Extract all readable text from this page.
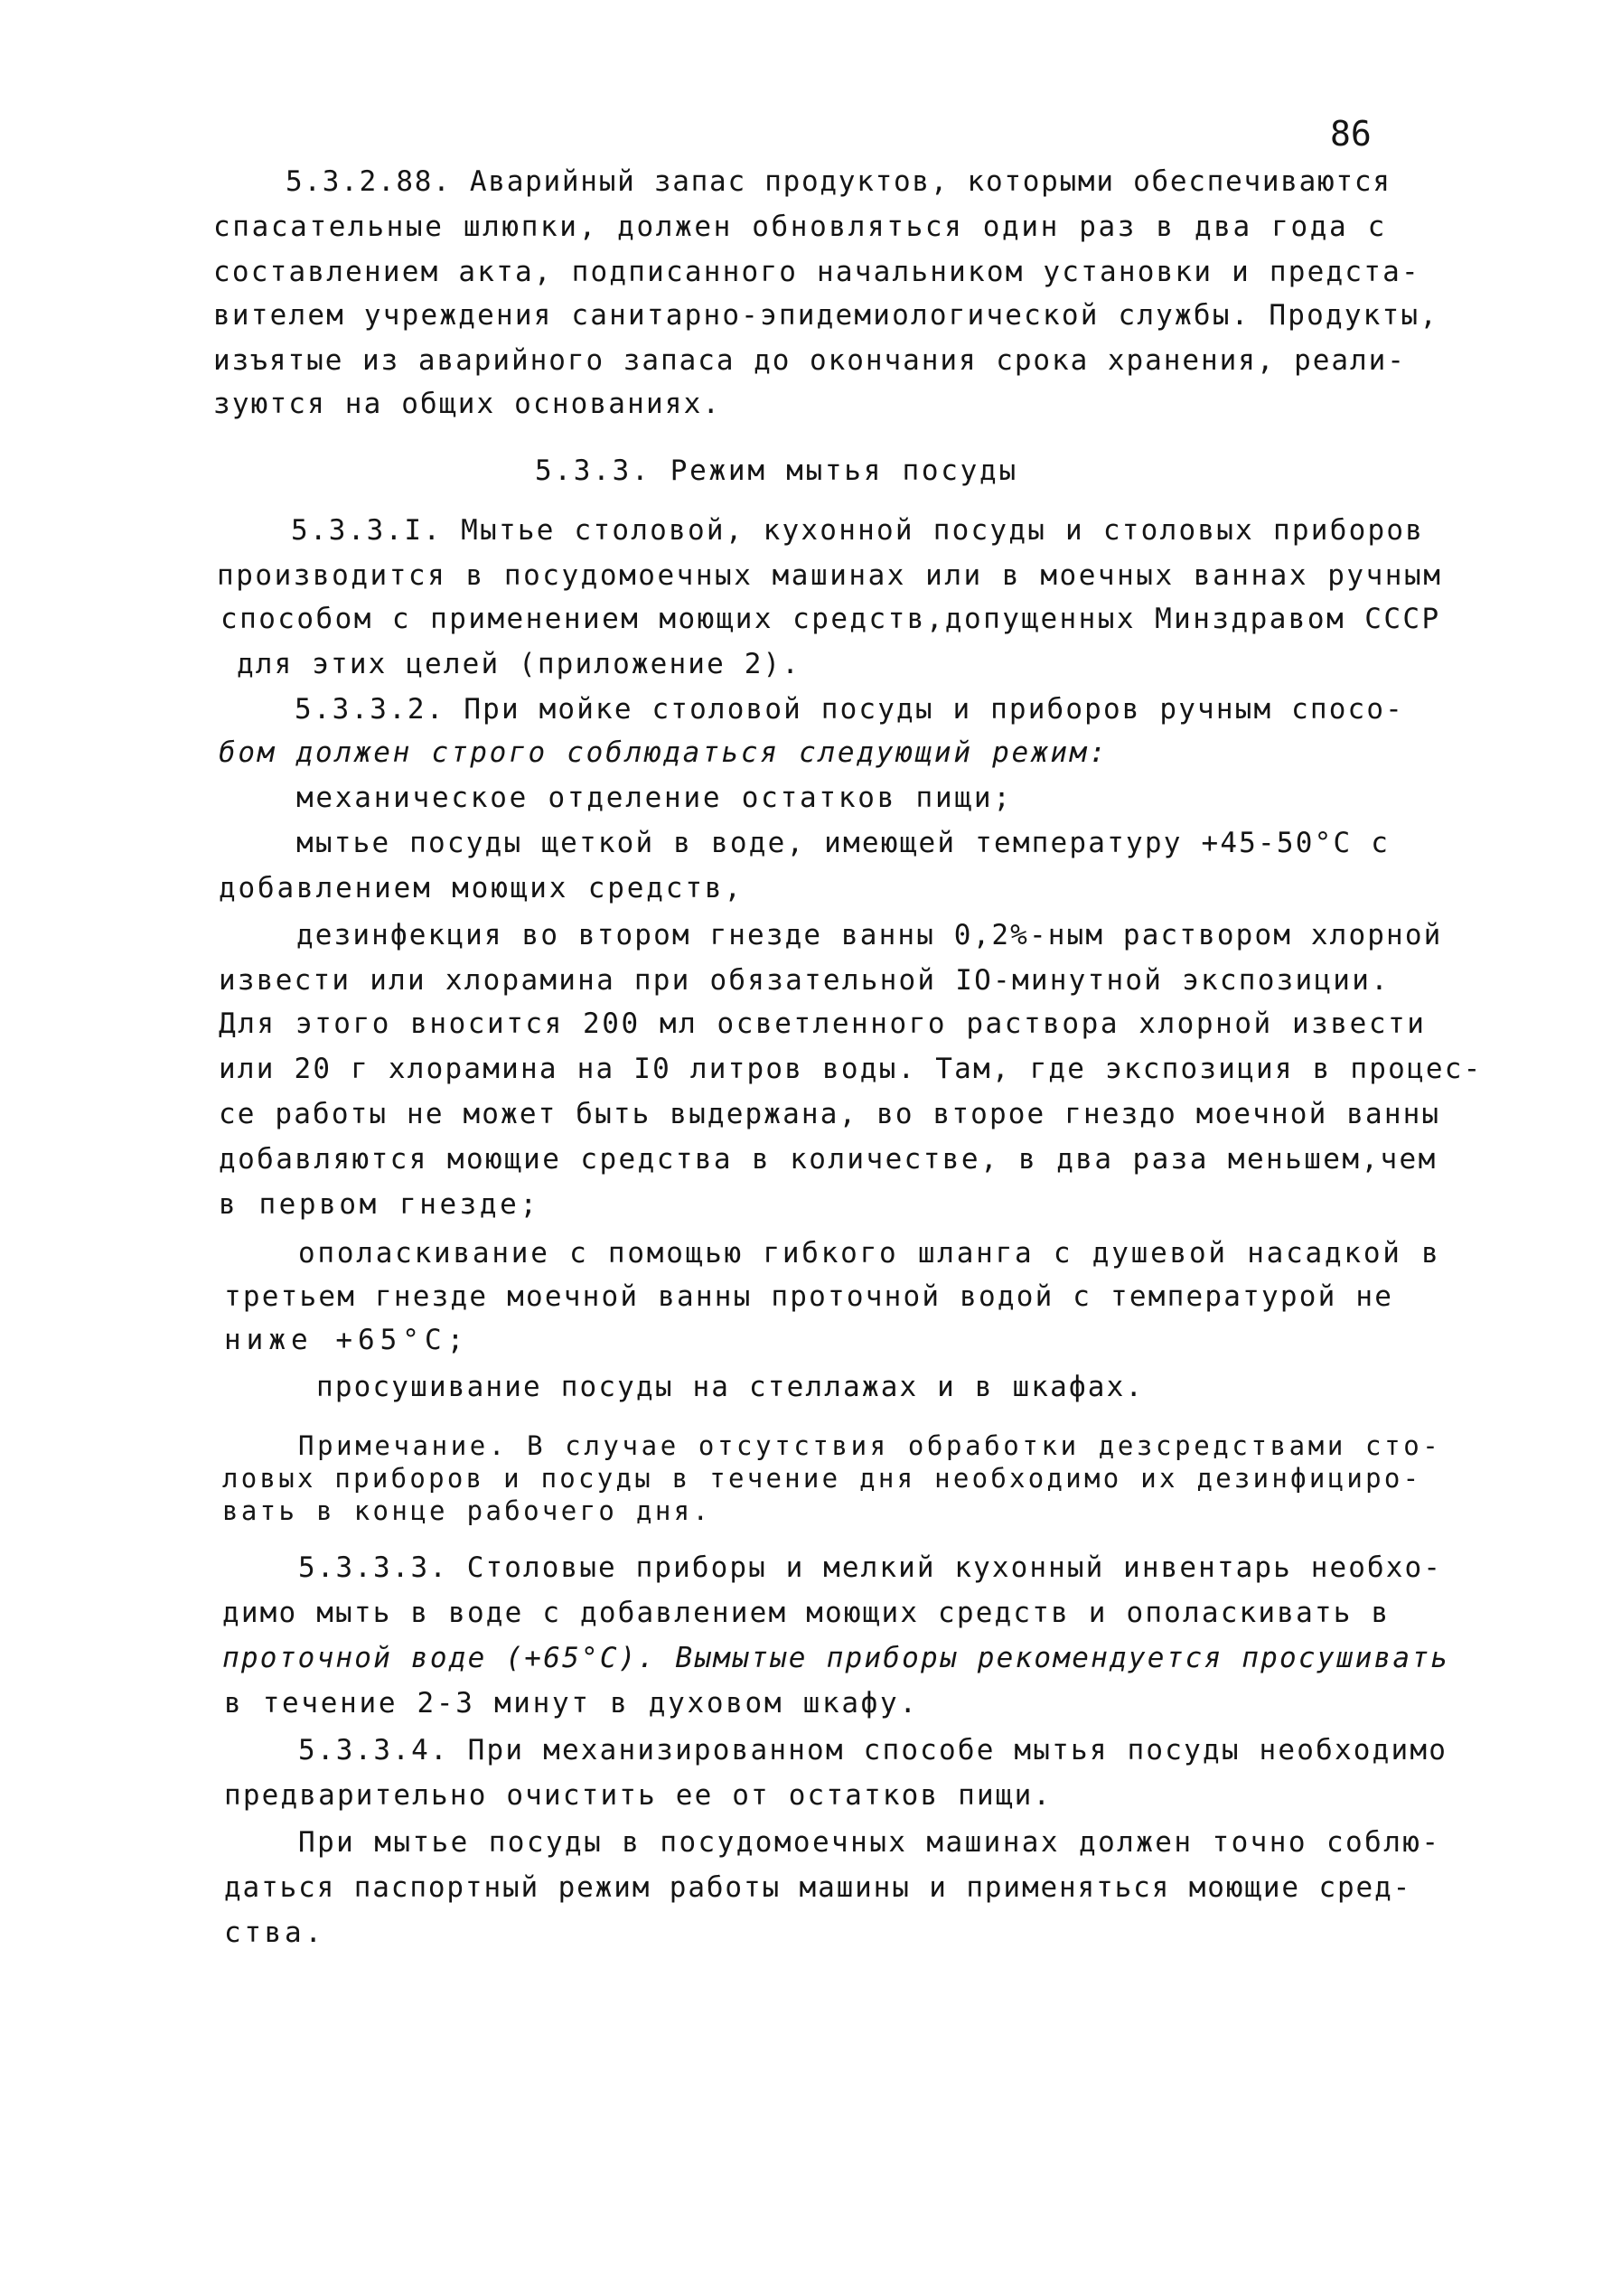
86
5.3.2.88. Аварийный запас продуктов, которыми обеспечиваются
спасательные шлюпки, должен обновляться один раз в два года с
составлением акта, подписанного начальником установки и предста-
вителем учреждения санитарно-эпидемиологической службы. Продукты,
изъятые из аварийного запаса до окончания срока хранения, реали-
зуются на общих основаниях.
5.3.3. Режим мытья посуды
5.3.3.I. Мытье столовой, кухонной посуды и столовых приборов
производится в посудомоечных машинах или в моечных ваннах ручным
способом с применением моющих средств,допущенных Минздравом СССР
для этих целей (приложение 2).
5.3.3.2. При мойке столовой посуды и приборов ручным спосо-
бом должен строго соблюдаться следующий режим:
механическое отделение остатков пищи;
мытье посуды щеткой в воде, имеющей температуру +45-50°С с
добавлением моющих средств,
дезинфекция во втором гнезде ванны 0,2%-ным раствором хлорной
извести или хлорамина при обязательной IO-минутной экспозиции.
Для этого вносится 200 мл осветленного раствора хлорной извести
или 20 г хлорамина на I0 литров воды. Там, где экспозиция в процес-
се работы не может быть выдержана, во второе гнездо моечной ванны
добавляются моющие средства в количестве, в два раза меньшем,чем
в первом гнезде;
ополаскивание с помощью гибкого шланга с душевой насадкой в
третьем гнезде моечной ванны проточной водой с температурой не
ниже +65°С;
просушивание посуды на стеллажах и в шкафах.
Примечание. В случае отсутствия обработки дезсредствами сто-
ловых приборов и посуды в течение дня необходимо их дезинфициро-
вать в конце рабочего дня.
5.3.3.3. Столовые приборы и мелкий кухонный инвентарь необхо-
димо мыть в воде с добавлением моющих средств и ополаскивать в
проточной воде (+65°С). Вымытые приборы рекомендуется просушивать
в течение 2-3 минут в духовом шкафу.
5.3.3.4. При механизированном способе мытья посуды необходимо
предварительно очистить ее от остатков пищи.
При мытье посуды в посудомоечных машинах должен точно соблю-
даться паспортный режим работы машины и применяться моющие сред-
ства.
